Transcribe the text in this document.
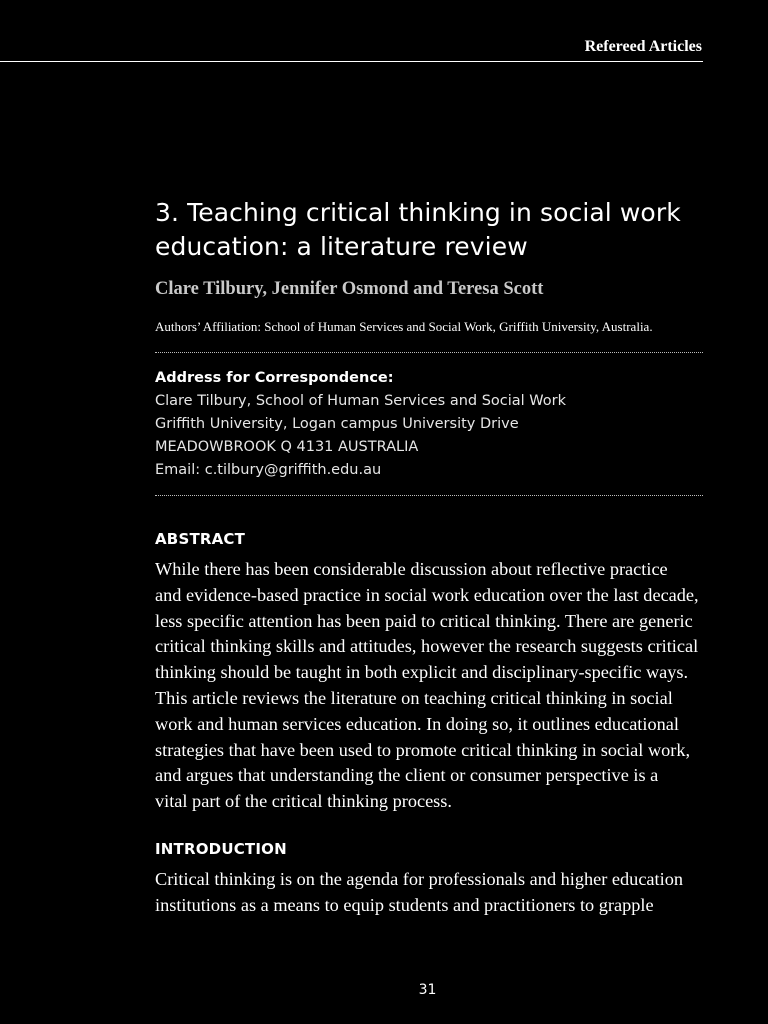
Refereed Articles
3. Teaching critical thinking in social work
education: a literature review

Clare Tilbury, Jennifer Osmond and Teresa Scott

Authors’ Affiliation: School of Human Services and Social Work, Griffith University, Australia.

Address for Correspondence:
Clare Tilbury, School of Human Services and Social Work
Griffith University, Logan campus University Drive
MEADOWBROOK Q 4131 AUSTRALIA
Email: c.tilbury@griffith.edu.au
ABSTRACT

While there has been considerable discussion about reflective practice
and evidence-based practice in social work education over the last decade,
less specific attention has been paid to critical thinking. There are generic
critical thinking skills and attitudes, however the research suggests critical
thinking should be taught in both explicit and disciplinary-specific ways.
This article reviews the literature on teaching critical thinking in social
work and human services education. In doing so, it outlines educational
strategies that have been used to promote critical thinking in social work,
and argues that understanding the client or consumer perspective is a
vital part of the critical thinking process.

INTRODUCTION

Critical thinking is on the agenda for professionals and higher education
institutions as a means to equip students and practitioners to grapple

31
